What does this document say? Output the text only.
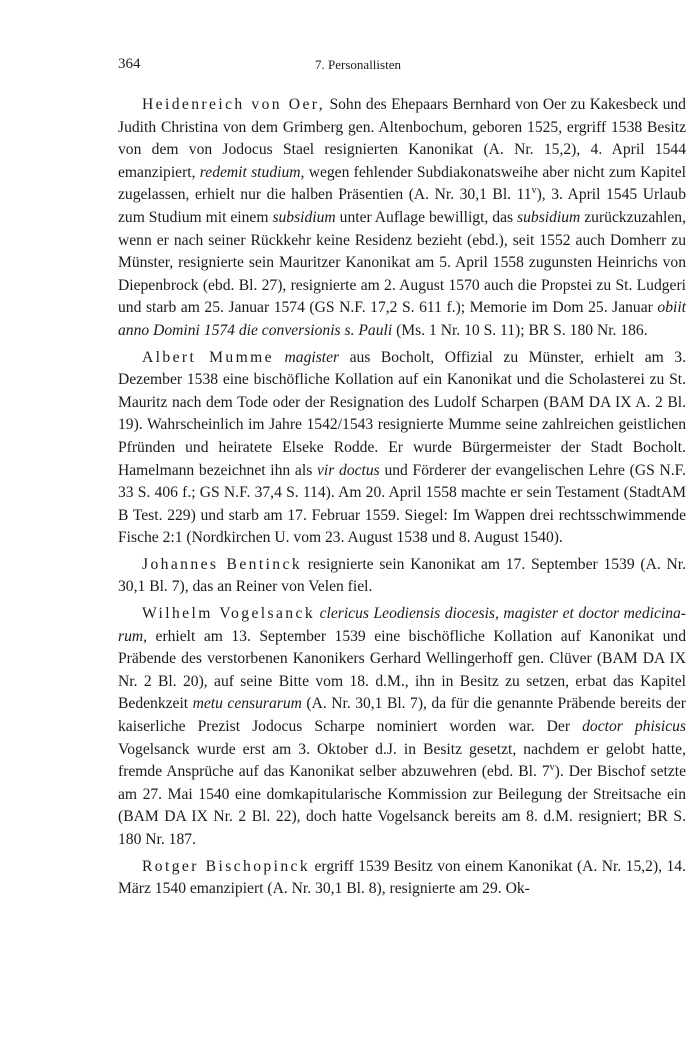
364	7. Personallisten

Heidenreich von Oer, Sohn des Ehepaars Bernhard von Oer zu Kakesbeck und Judith Christina von dem Grimberg gen. Altenbochum, geboren 1525, ergriff 1538 Besitz von dem von Jodocus Stael resignierten Kanonikat (A. Nr. 15,2), 4. April 1544 emanzipiert, redemit studium, wegen fehlender Subdiakonatsweihe aber nicht zum Kapitel zugelassen, erhielt nur die halben Präsentien (A. Nr. 30,1 Bl. 11$^v$), 3. April 1545 Urlaub zum Studium mit einem subsidium unter Auflage bewilligt, das subsidium zurückzuzahlen, wenn er nach seiner Rückkehr keine Residenz bezieht (ebd.), seit 1552 auch Domherr zu Münster, resignierte sein Mauritzer Kanonikat am 5. April 1558 zugunsten Heinrichs von Diepenbrock (ebd. Bl. 27), resignierte am 2. August 1570 auch die Propstei zu St. Ludgeri und starb am 25. Januar 1574 (GS N.F. 17,2 S. 611 f.); Memorie im Dom 25. Januar obiit anno Domini 1574 die conversionis s. Pauli (Ms. 1 Nr. 10 S. 11); BR S. 180 Nr. 186.

Albert Mumme magister aus Bocholt, Offizial zu Münster, erhielt am 3. Dezember 1538 eine bischöfliche Kollation auf ein Kanonikat und die Scholasterei zu St. Mauritz nach dem Tode oder der Resignation des Ludolf Scharpen (BAM DA IX A. 2 Bl. 19). Wahrscheinlich im Jahre 1542/1543 resignierte Mumme seine zahlreichen geistlichen Pfründen und heiratete Elseke Rodde. Er wurde Bürgermeister der Stadt Bocholt. Hamelmann bezeichnet ihn als vir doctus und Förderer der evangelischen Lehre (GS N.F. 33 S. 406 f.; GS N.F. 37,4 S. 114). Am 20. April 1558 machte er sein Testament (StadtAM B Test. 229) und starb am 17. Februar 1559. Siegel: Im Wappen drei rechtsschwimmende Fische 2:1 (Nordkirchen U. vom 23. August 1538 und 8. August 1540).

Johannes Bentinck resignierte sein Kanonikat am 17. September 1539 (A. Nr. 30,1 Bl. 7), das an Reiner von Velen fiel.

Wilhelm Vogelsanck clericus Leodiensis diocesis, magister et doctor medicinarum, erhielt am 13. September 1539 eine bischöfliche Kollation auf Kanonikat und Präbende des verstorbenen Kanonikers Gerhard Wellingerhoff gen. Clüver (BAM DA IX Nr. 2 Bl. 20), auf seine Bitte vom 18. d.M., ihn in Besitz zu setzen, erbat das Kapitel Bedenkzeit metu censurarum (A. Nr. 30,1 Bl. 7), da für die genannte Präbende bereits der kaiserliche Prezist Jodocus Scharpe nominiert worden war. Der doctor phisicus Vogelsanck wurde erst am 3. Oktober d.J. in Besitz gesetzt, nachdem er gelobt hatte, fremde Ansprüche auf das Kanonikat selber abzuwehren (ebd. Bl. 7$^v$). Der Bischof setzte am 27. Mai 1540 eine domkapitularische Kommission zur Beilegung der Streitsache ein (BAM DA IX Nr. 2 Bl. 22), doch hatte Vogelsanck bereits am 8. d.M. resigniert; BR S. 180 Nr. 187.

Rotger Bischopinck ergriff 1539 Besitz von einem Kanonikat (A. Nr. 15,2), 14. März 1540 emanzipiert (A. Nr. 30,1 Bl. 8), resignierte am 29. Ok-
